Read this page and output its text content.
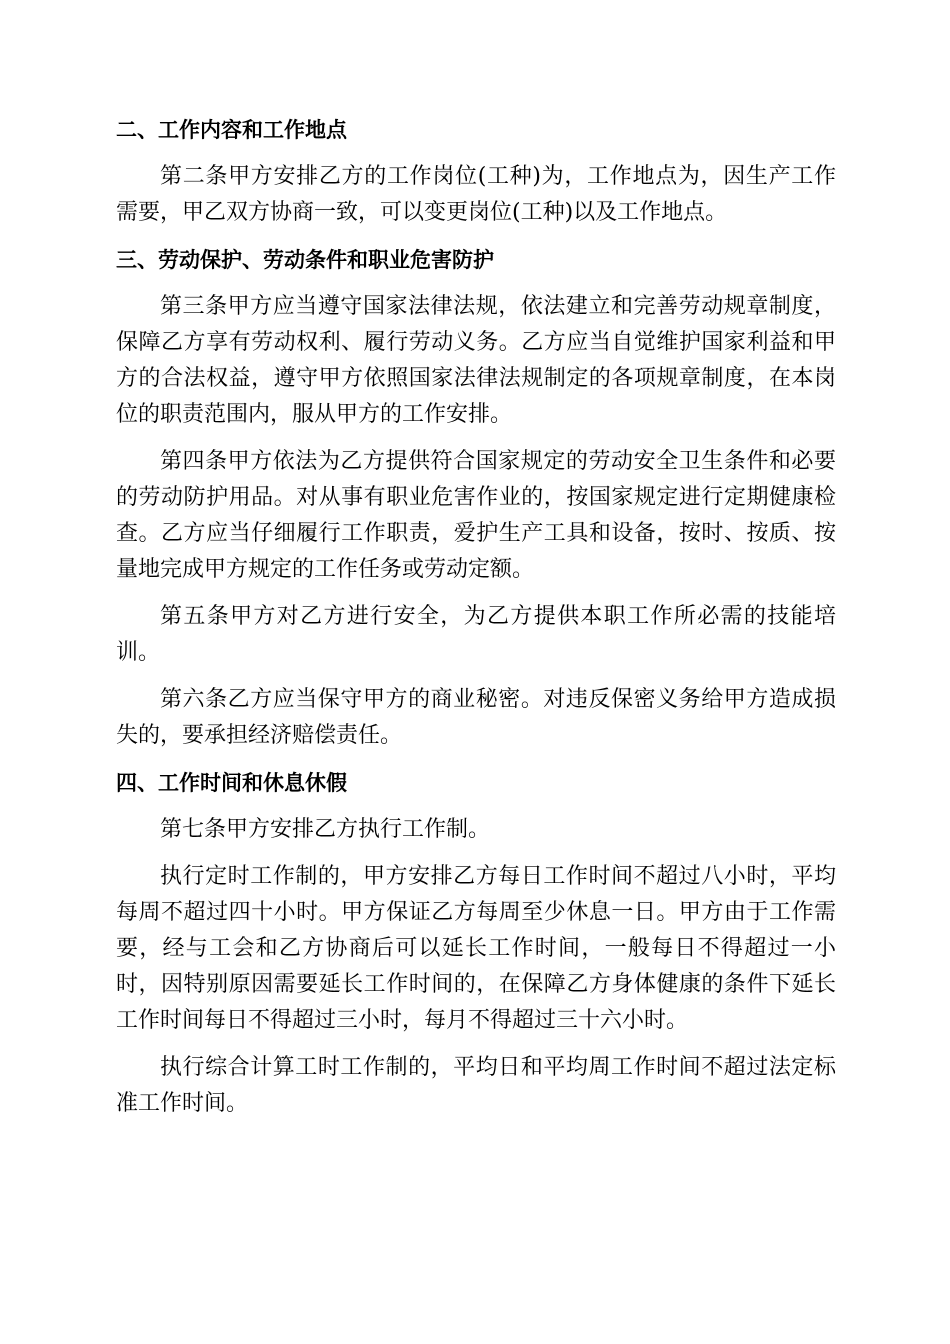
二、工作内容和工作地点

第二条甲方安排乙方的工作岗位(工种)为，工作地点为，因生产工作需要，甲乙双方协商一致，可以变更岗位(工种)以及工作地点。

三、劳动保护、劳动条件和职业危害防护

第三条甲方应当遵守国家法律法规，依法建立和完善劳动规章制度，保障乙方享有劳动权利、履行劳动义务。乙方应当自觉维护国家利益和甲方的合法权益，遵守甲方依照国家法律法规制定的各项规章制度，在本岗位的职责范围内，服从甲方的工作安排。

第四条甲方依法为乙方提供符合国家规定的劳动安全卫生条件和必要的劳动防护用品。对从事有职业危害作业的，按国家规定进行定期健康检查。乙方应当仔细履行工作职责，爱护生产工具和设备，按时、按质、按量地完成甲方规定的工作任务或劳动定额。

第五条甲方对乙方进行安全，为乙方提供本职工作所必需的技能培训。

第六条乙方应当保守甲方的商业秘密。对违反保密义务给甲方造成损失的，要承担经济赔偿责任。

四、工作时间和休息休假

第七条甲方安排乙方执行工作制。

执行定时工作制的，甲方安排乙方每日工作时间不超过八小时，平均每周不超过四十小时。甲方保证乙方每周至少休息一日。甲方由于工作需要，经与工会和乙方协商后可以延长工作时间，一般每日不得超过一小时，因特别原因需要延长工作时间的，在保障乙方身体健康的条件下延长工作时间每日不得超过三小时，每月不得超过三十六小时。

执行综合计算工时工作制的，平均日和平均周工作时间不超过法定标准工作时间。
